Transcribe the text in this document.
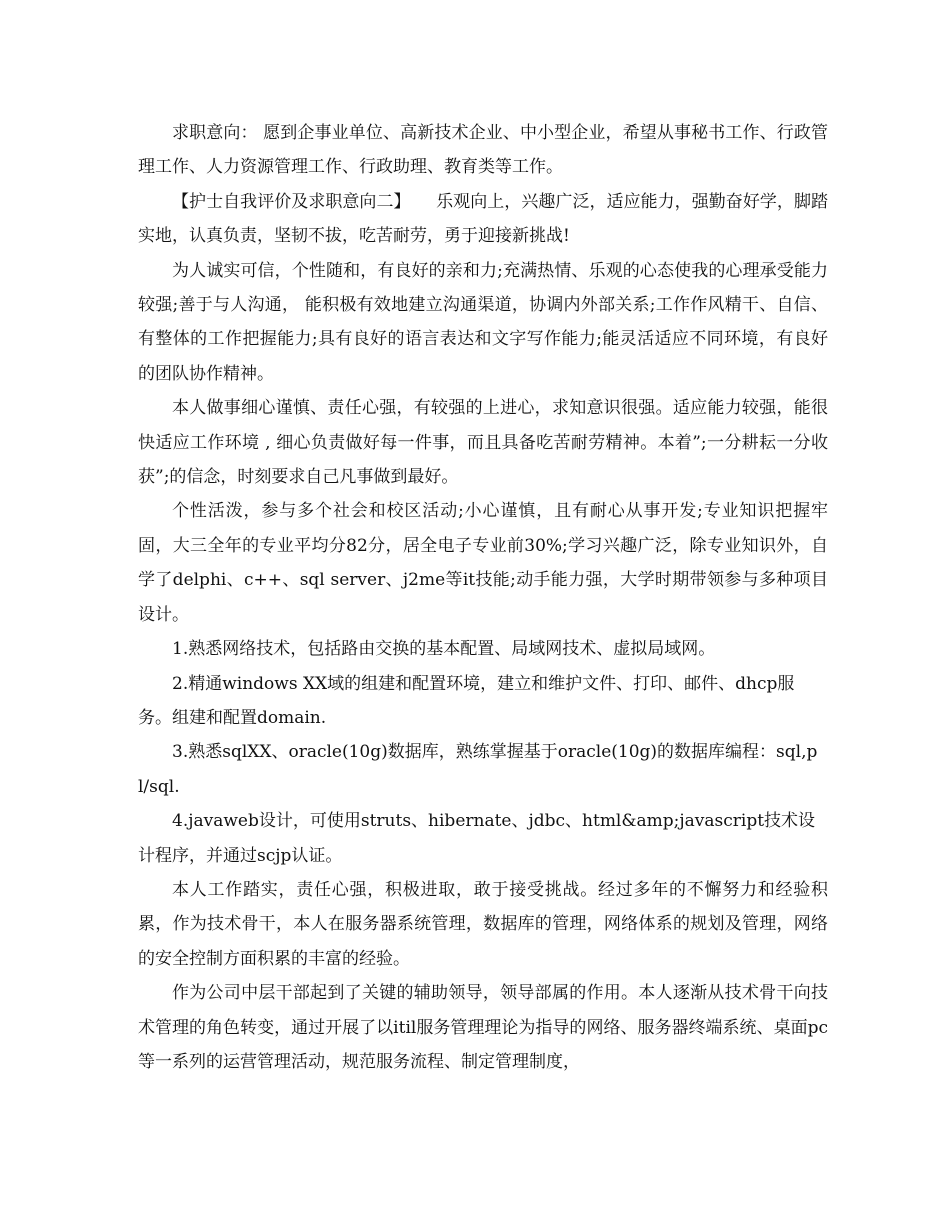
求职意向： 愿到企事业单位、高新技术企业、中小型企业，希望从事秘书工作、行政管理工作、人力资源管理工作、行政助理、教育类等工作。

【护士自我评价及求职意向二】　　乐观向上，兴趣广泛，适应能力，强勤奋好学，脚踏实地，认真负责，坚韧不拔，吃苦耐劳，勇于迎接新挑战!

为人诚实可信，个性随和，有良好的亲和力;充满热情、乐观的心态使我的心理承受能力较强;善于与人沟通， 能积极有效地建立沟通渠道，协调内外部关系;工作作风精干、自信、有整体的工作把握能力;具有良好的语言表达和文字写作能力;能灵活适应不同环境，有良好的团队协作精神。

本人做事细心谨慎、责任心强，有较强的上进心，求知意识很强。适应能力较强，能很快适应工作环境 , 细心负责做好每一件事，而且具备吃苦耐劳精神。本着”;一分耕耘一分收获”;的信念，时刻要求自己凡事做到最好。

个性活泼，参与多个社会和校区活动;小心谨慎，且有耐心从事开发;专业知识把握牢固，大三全年的专业平均分82分，居全电子专业前30%;学习兴趣广泛，除专业知识外，自学了delphi、c++、sql server、j2me等it技能;动手能力强，大学时期带领参与多种项目设计。

1.熟悉网络技术，包括路由交换的基本配置、局域网技术、虚拟局域网。

2.精通windows XX域的组建和配置环境，建立和维护文件、打印、邮件、dhcp服务。组建和配置domain.

3.熟悉sqlXX、oracle(10g)数据库，熟练掌握基于oracle(10g)的数据库编程：sql,pl/sql.

4.javaweb设计，可使用struts、hibernate、jdbc、html&amp;javascript技术设计程序，并通过scjp认证。

本人工作踏实，责任心强，积极进取，敢于接受挑战。经过多年的不懈努力和经验积累，作为技术骨干，本人在服务器系统管理，数据库的管理，网络体系的规划及管理，网络的安全控制方面积累的丰富的经验。

作为公司中层干部起到了关键的辅助领导，领导部属的作用。本人逐渐从技术骨干向技术管理的角色转变，通过开展了以itil服务管理理论为指导的网络、服务器终端系统、桌面pc等一系列的运营管理活动，规范服务流程、制定管理制度，
